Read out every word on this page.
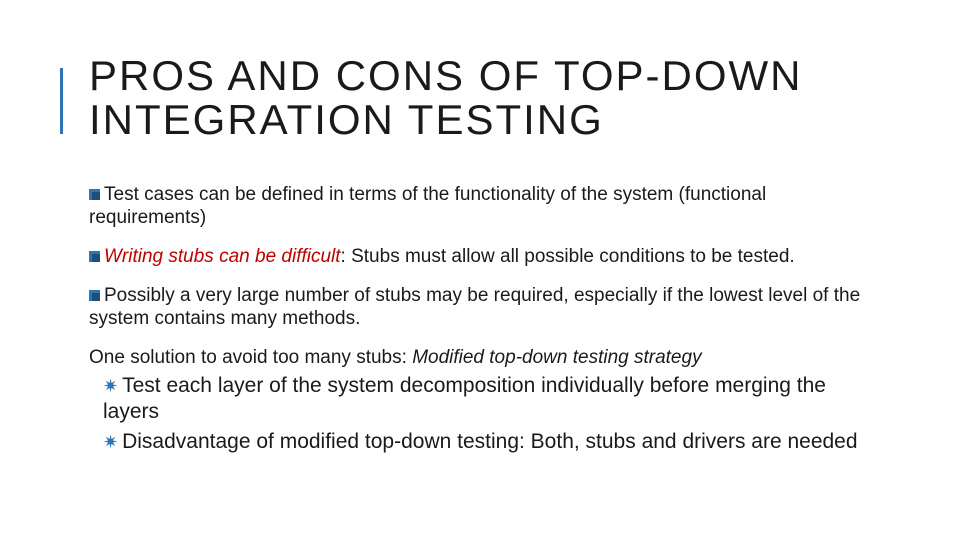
PROS AND CONS OF TOP-DOWN
INTEGRATION TESTING

Test cases can be defined in terms of the functionality of the system (functional requirements)

Writing stubs can be difficult: Stubs must allow all possible conditions to be tested.

Possibly a very large number of stubs may be required, especially if the lowest level of the system contains many methods.

One solution to avoid too many stubs: Modified top-down testing strategy

✷ Test each layer of the system decomposition individually before merging the layers

✷ Disadvantage of modified top-down testing: Both, stubs and drivers are needed
